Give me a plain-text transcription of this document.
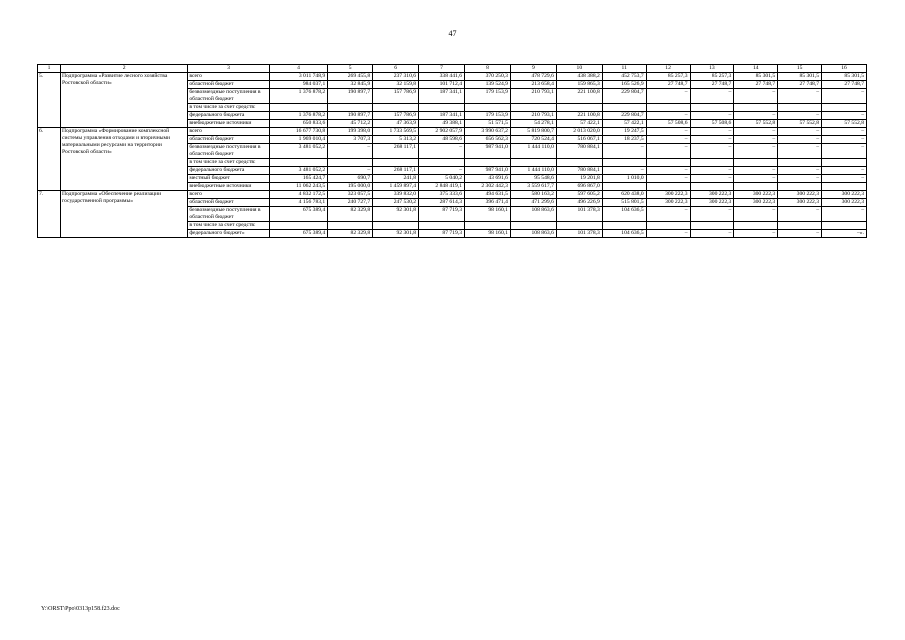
47
1	2	3	4	5	6	7	8	9	10	11	12	13	14	15	16
5.	Подпрограмма «Развитие лесного хозяйства Ростовской области»	всего	3 011 748,9	269 455,8	237 310,6	338 441,6	370 250,3	478 729,6	438 388,2	452 753,7	85 257,3	85 257,3	85 301,5	85 301,5	85 301,5
		областной бюджет	984 037,1	32 845,9	32 159,8	101 712,4	139 524,9	213 658,4	159 865,3	165 526,9	27 748,7	27 748,7	27 748,7	27 748,7	27 748,7
		безвозмездные поступления в областной бюджет	1 376 878,2	190 897,7	157 786,9	187 341,1	179 153,9	210 793,1	221 100,8	229 804,7	–	–	–	–	–
		в том числе за счет средств:													
		федерального бюджета	1 376 878,2	190 897,7	157 786,9	187 341,1	179 153,9	210 793,1	221 100,8	229 804,7	–	–	–	–	–
		внебюджетные источники	650 833,6	45 712,2	47 363,9	49 388,1	51 571,5	54 278,1	57 422,1	57 422,1	57 508,6	57 508,6	57 552,8	57 552,8	57 552,8
6.	Подпрограмма «Формирование комплексной системы управления отходами и вторичными материальными ресурсами на территории Ростовской области»	всего	16 677 730,8	199 398,0	1 733 569,5	2 902 057,9	3 990 637,2	5 819 800,7	2 013 020,0	19 247,5	–	–	–	–	–
		областной бюджет	1 969 010,4	3 707,3	5 313,2	48 598,6	656 562,3	720 524,4	516 067,1	18 237,5	–	–	–	–	–
		безвозмездные поступления в областной бюджет	3 481 052,2	–	268 117,1	–	987 941,0	1 444 110,0	780 884,1	–	–	–	–	–	–
		в том числе за счет средств:													
		федерального бюджета	3 481 052,2	–	268 117,1	–	987 941,0	1 444 110,0	780 884,1	–	–	–	–	–	–
		местный бюджет	165 424,7	690,7	241,8	5 040,2	43 691,6	95 548,6	19 201,8	1 010,0	–	–	–	–	–
		внебюджетные источники	11 062 243,5	195 000,0	1 459 897,4	2 848 419,1	2 302 442,3	3 559 617,7	696 867,0						
7.	Подпрограмма «Обеспечение реализации государственной программы»	всего	4 832 172,5	323 057,5	339 832,0	375 333,6	494 631,5	580 163,2	597 605,2	620 438,0	300 222,3	300 222,3	300 222,3	300 222,3	300 222,3
		областной бюджет	4 156 783,1	240 727,7	247 530,2	287 614,3	396 471,4	471 299,6	496 226,9	515 801,5	300 222,3	300 222,3	300 222,3	300 222,3	300 222,3
		безвозмездные поступления в областной бюджет	675 389,4	82 329,8	92 301,8	87 719,3	98 160,1	108 863,6	101 378,3	104 636,5	–	–	–	–	–
		в том числе за счет средств:													
		федерального бюджет»	675 389,4	82 329,8	92 301,8	87 719,3	98 160,1	108 863,6	101 378,3	104 636,5	–	–	–	–	–».
Y:\ORST\Ppo\0313p158.f23.doc
